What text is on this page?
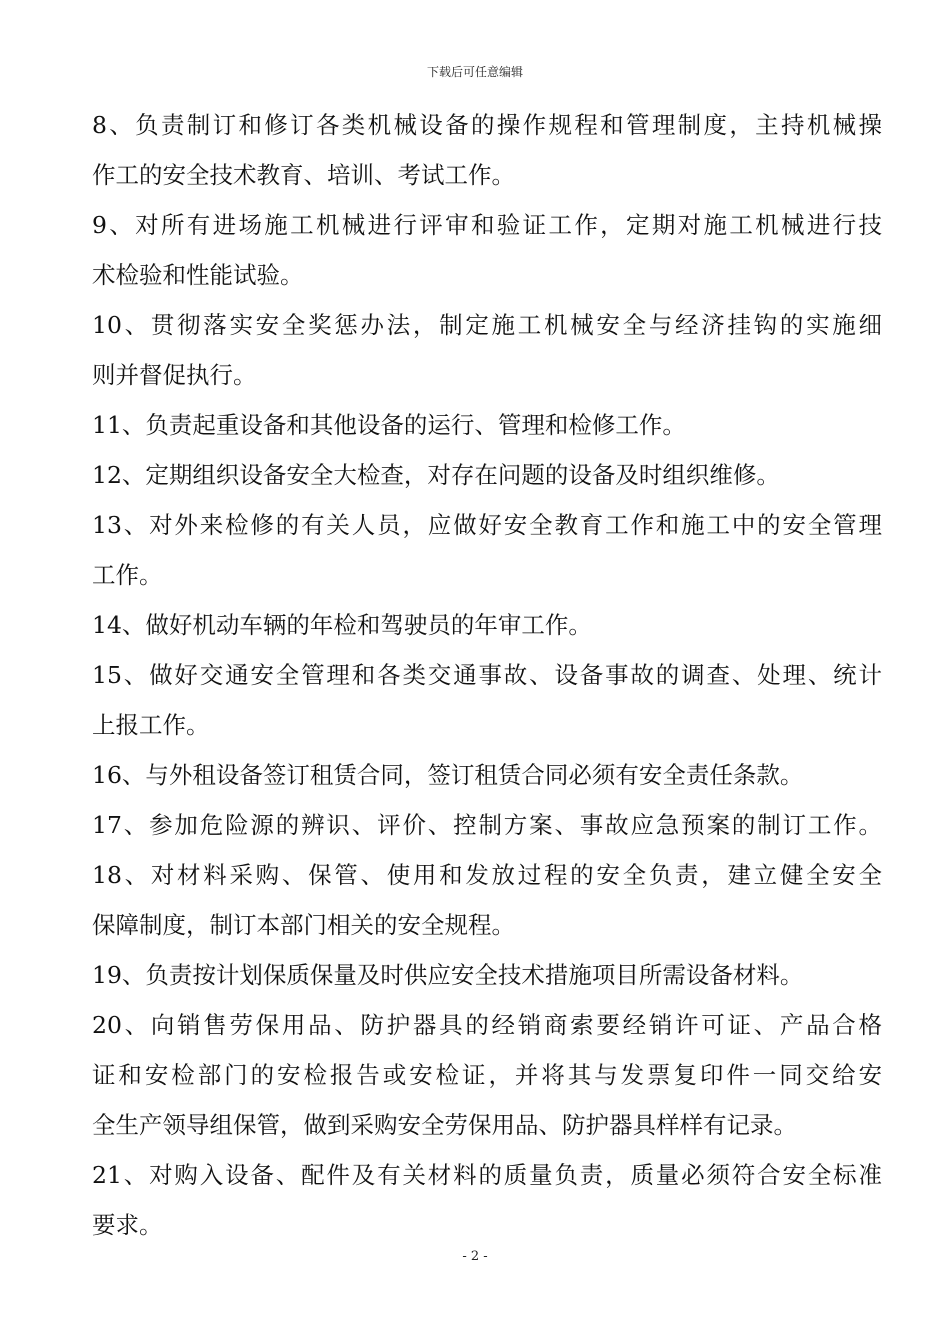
下载后可任意编辑
8、负责制订和修订各类机械设备的操作规程和管理制度，主持机械操
作工的安全技术教育、培训、考试工作。
9、对所有进场施工机械进行评审和验证工作，定期对施工机械进行技
术检验和性能试验。
10、贯彻落实安全奖惩办法，制定施工机械安全与经济挂钩的实施细
则并督促执行。
11、负责起重设备和其他设备的运行、管理和检修工作。
12、定期组织设备安全大检查，对存在问题的设备及时组织维修。
13、对外来检修的有关人员，应做好安全教育工作和施工中的安全管理
工作。
14、做好机动车辆的年检和驾驶员的年审工作。
15、做好交通安全管理和各类交通事故、设备事故的调查、处理、统计
上报工作。
16、与外租设备签订租赁合同，签订租赁合同必须有安全责任条款。
17、参加危险源的辨识、评价、控制方案、事故应急预案的制订工作。
18、对材料采购、保管、使用和发放过程的安全负责，建立健全安全
保障制度，制订本部门相关的安全规程。
19、负责按计划保质保量及时供应安全技术措施项目所需设备材料。
20、向销售劳保用品、防护器具的经销商索要经销许可证、产品合格
证和安检部门的安检报告或安检证，并将其与发票复印件一同交给安
全生产领导组保管，做到采购安全劳保用品、防护器具样样有记录。
21、对购入设备、配件及有关材料的质量负责，质量必须符合安全标准
要求。
- 2 -
